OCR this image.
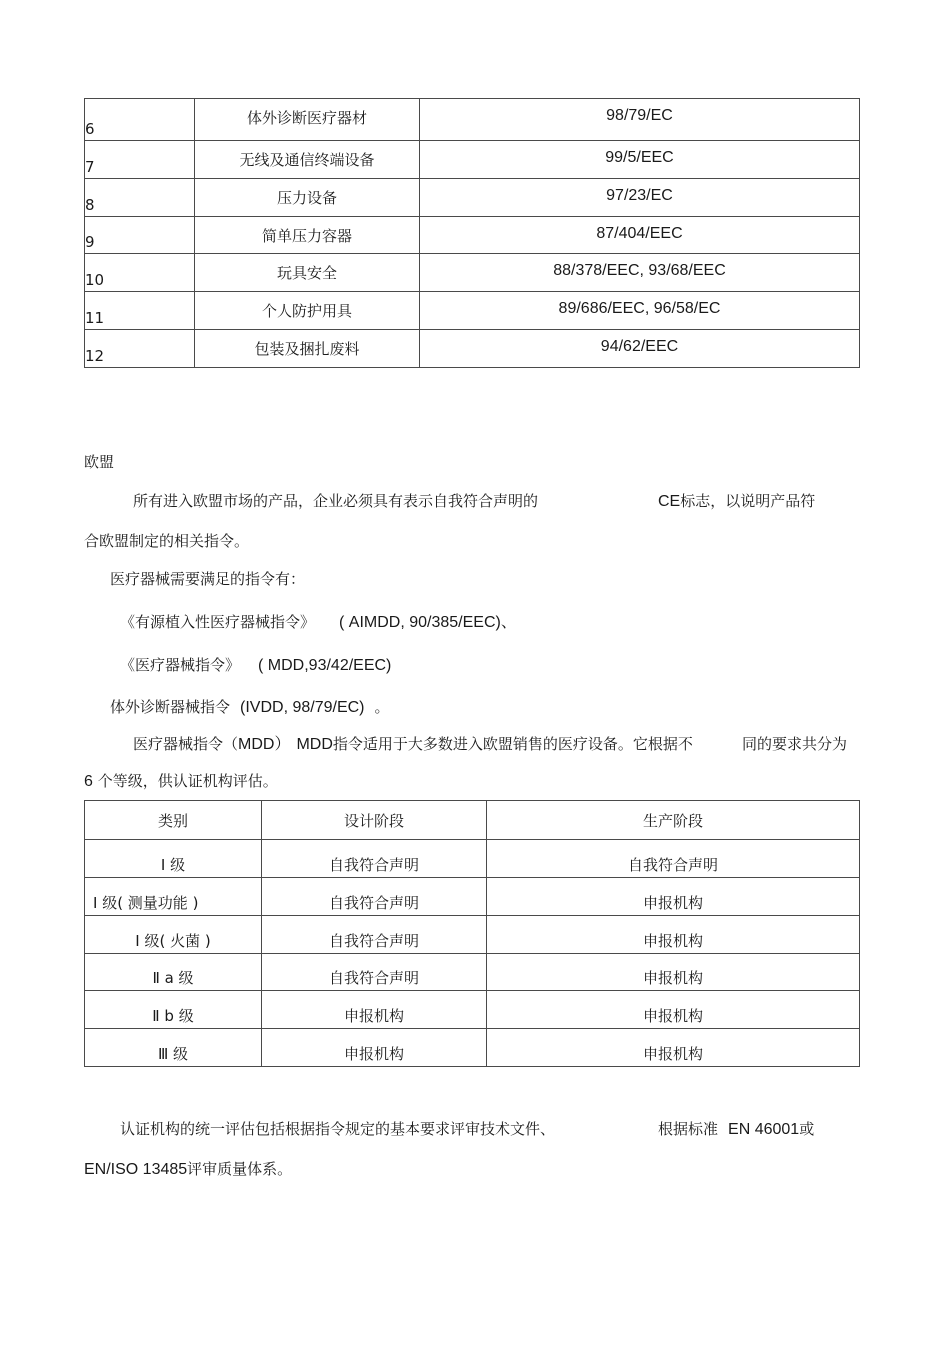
6	体外诊断医疗器材	98/79/EC
7	无线及通信终端设备	99/5/EEC
8	压力设备	97/23/EC
9	简单压力容器	87/404/EEC
10	玩具安全	88/378/EEC, 93/68/EEC
11	个人防护用具	89/686/EEC, 96/58/EC
12	包装及捆扎废料	94/62/EEC
欧盟
所有进入欧盟市场的产品，企业必须具有表示自我符合声明的	CE标志，以说明产品符
合欧盟制定的相关指令。
医疗器械需要满足的指令有：
《有源植入性医疗器械指令》 ( AIMDD, 90/385/EEC)、
《医疗器械指令》 ( MDD,93/42/EEC)
体外诊断器械指令 (IVDD, 98/79/EC) 。
医疗器械指令（MDD） MDD指令适用于大多数进入欧盟销售的医疗设备。它根据不	同的要求共分为
6 个等级，供认证机构评估。
类别	设计阶段	生产阶段
Ⅰ 级	自我符合声明	自我符合声明
Ⅰ 级( 测量功能 )	自我符合声明	申报机构
Ⅰ 级( 火菌 )	自我符合声明	申报机构
Ⅱ a 级	自我符合声明	申报机构
Ⅱ b 级	申报机构	申报机构
Ⅲ 级	申报机构	申报机构
认证机构的统一评估包括根据指令规定的基本要求评审技术文件、	根据标准 EN 46001或
EN/ISO 13485评审质量体系。
